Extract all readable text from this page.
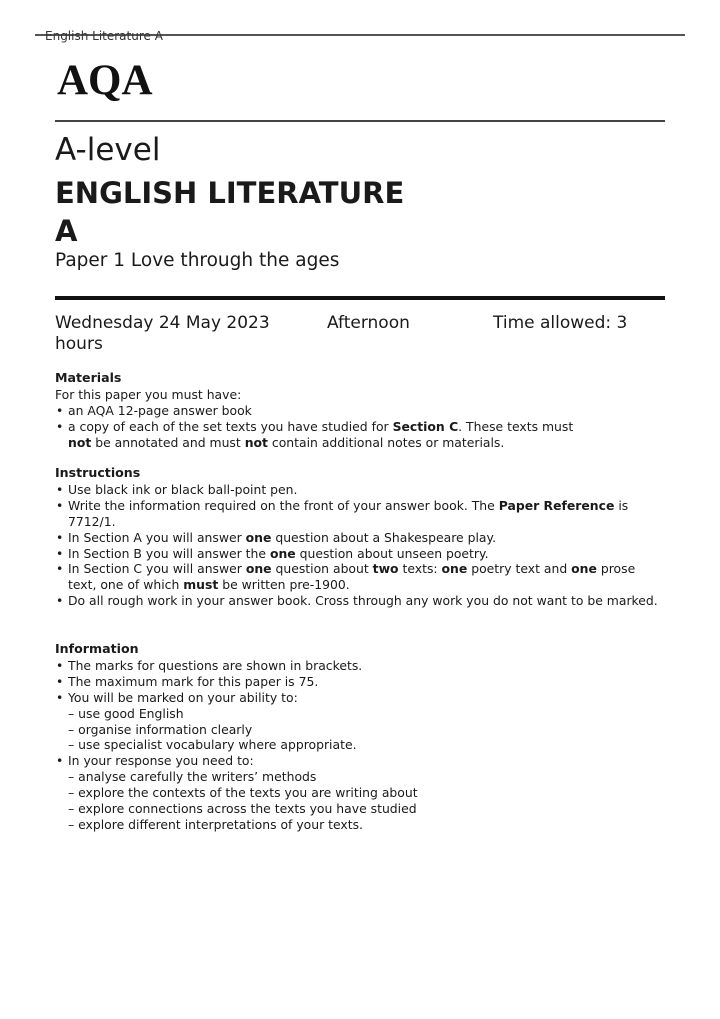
English Literature A
AQA
A-level
ENGLISH LITERATURE
A
Paper 1 Love through the ages
Wednesday 24 May 2023	Afternoon	Time allowed: 3
hours
Materials
For this paper you must have:
• an AQA 12-page answer book
• a copy of each of the set texts you have studied for Section C. These texts must not be annotated and must not contain additional notes or materials.
Instructions
• Use black ink or black ball-point pen.
• Write the information required on the front of your answer book. The Paper Reference is 7712/1.
• In Section A you will answer one question about a Shakespeare play.
• In Section B you will answer the one question about unseen poetry.
• In Section C you will answer one question about two texts: one poetry text and one prose text, one of which must be written pre-1900.
• Do all rough work in your answer book. Cross through any work you do not want to be marked.
Information
• The marks for questions are shown in brackets.
• The maximum mark for this paper is 75.
• You will be marked on your ability to:
– use good English
– organise information clearly
– use specialist vocabulary where appropriate.
• In your response you need to:
– analyse carefully the writers’ methods
– explore the contexts of the texts you are writing about
– explore connections across the texts you have studied
– explore different interpretations of your texts.
